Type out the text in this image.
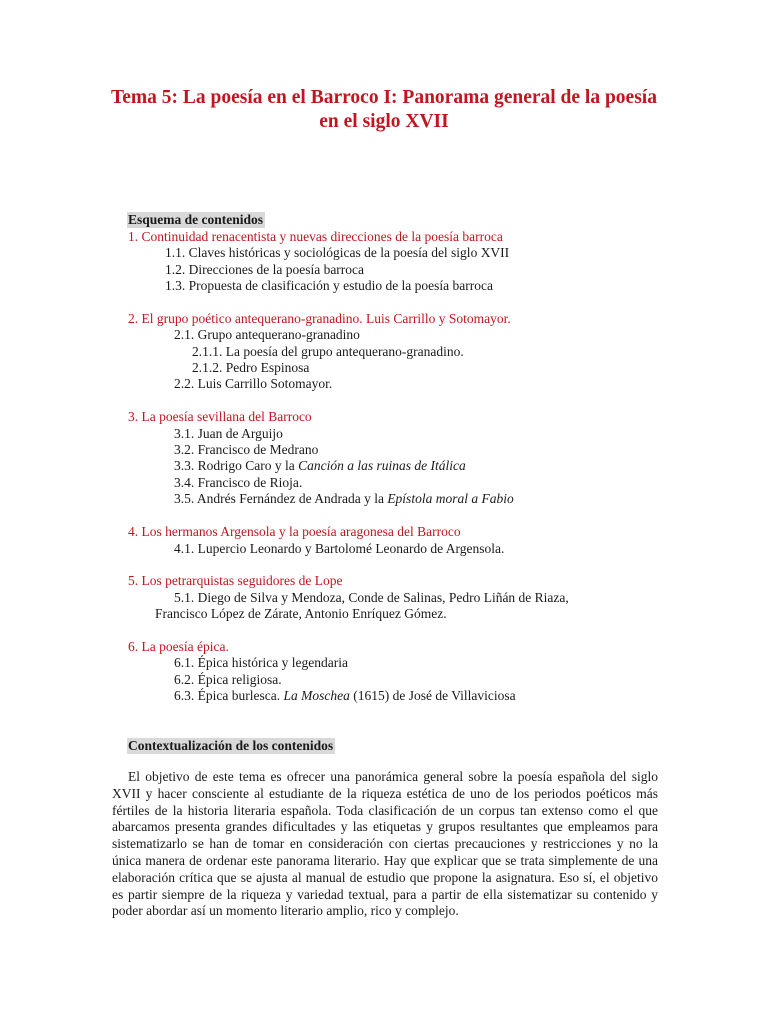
Tema 5: La poesía en el Barroco I: Panorama general de la poesía en el siglo XVII
Esquema de contenidos
1. Continuidad renacentista y nuevas direcciones de la poesía barroca
1.1. Claves históricas y sociológicas de la poesía del siglo XVII
1.2. Direcciones de la poesía barroca
1.3. Propuesta de clasificación y estudio de la poesía barroca
2. El grupo poético antequerano-granadino. Luis Carrillo y Sotomayor.
2.1. Grupo antequerano-granadino
2.1.1. La poesía del grupo antequerano-granadino.
2.1.2. Pedro Espinosa
2.2. Luis Carrillo Sotomayor.
3. La poesía sevillana del Barroco
3.1. Juan de Arguijo
3.2. Francisco de Medrano
3.3. Rodrigo Caro y la Canción a las ruinas de Itálica
3.4. Francisco de Rioja.
3.5. Andrés Fernández de Andrada y la Epístola moral a Fabio
4. Los hermanos Argensola y la poesía aragonesa del Barroco
4.1. Lupercio Leonardo y Bartolomé Leonardo de Argensola.
5. Los petrarquistas seguidores de Lope
5.1. Diego de Silva y Mendoza, Conde de Salinas, Pedro Liñán de Riaza,
Francisco López de Zárate, Antonio Enríquez Gómez.
6. La poesía épica.
6.1. Épica histórica y legendaria
6.2. Épica religiosa.
6.3. Épica burlesca. La Moschea (1615) de José de Villaviciosa
Contextualización de los contenidos
El objetivo de este tema es ofrecer una panorámica general sobre la poesía española del siglo XVII y hacer consciente al estudiante de la riqueza estética de uno de los periodos poéticos más fértiles de la historia literaria española. Toda clasificación de un corpus tan extenso como el que abarcamos presenta grandes dificultades y las etiquetas y grupos resultantes que empleamos para sistematizarlo se han de tomar en consideración con ciertas precauciones y restricciones y no la única manera de ordenar este panorama literario. Hay que explicar que se trata simplemente de una elaboración crítica que se ajusta al manual de estudio que propone la asignatura. Eso sí, el objetivo es partir siempre de la riqueza y variedad textual, para a partir de ella sistematizar su contenido y poder abordar así un momento literario amplio, rico y complejo.
